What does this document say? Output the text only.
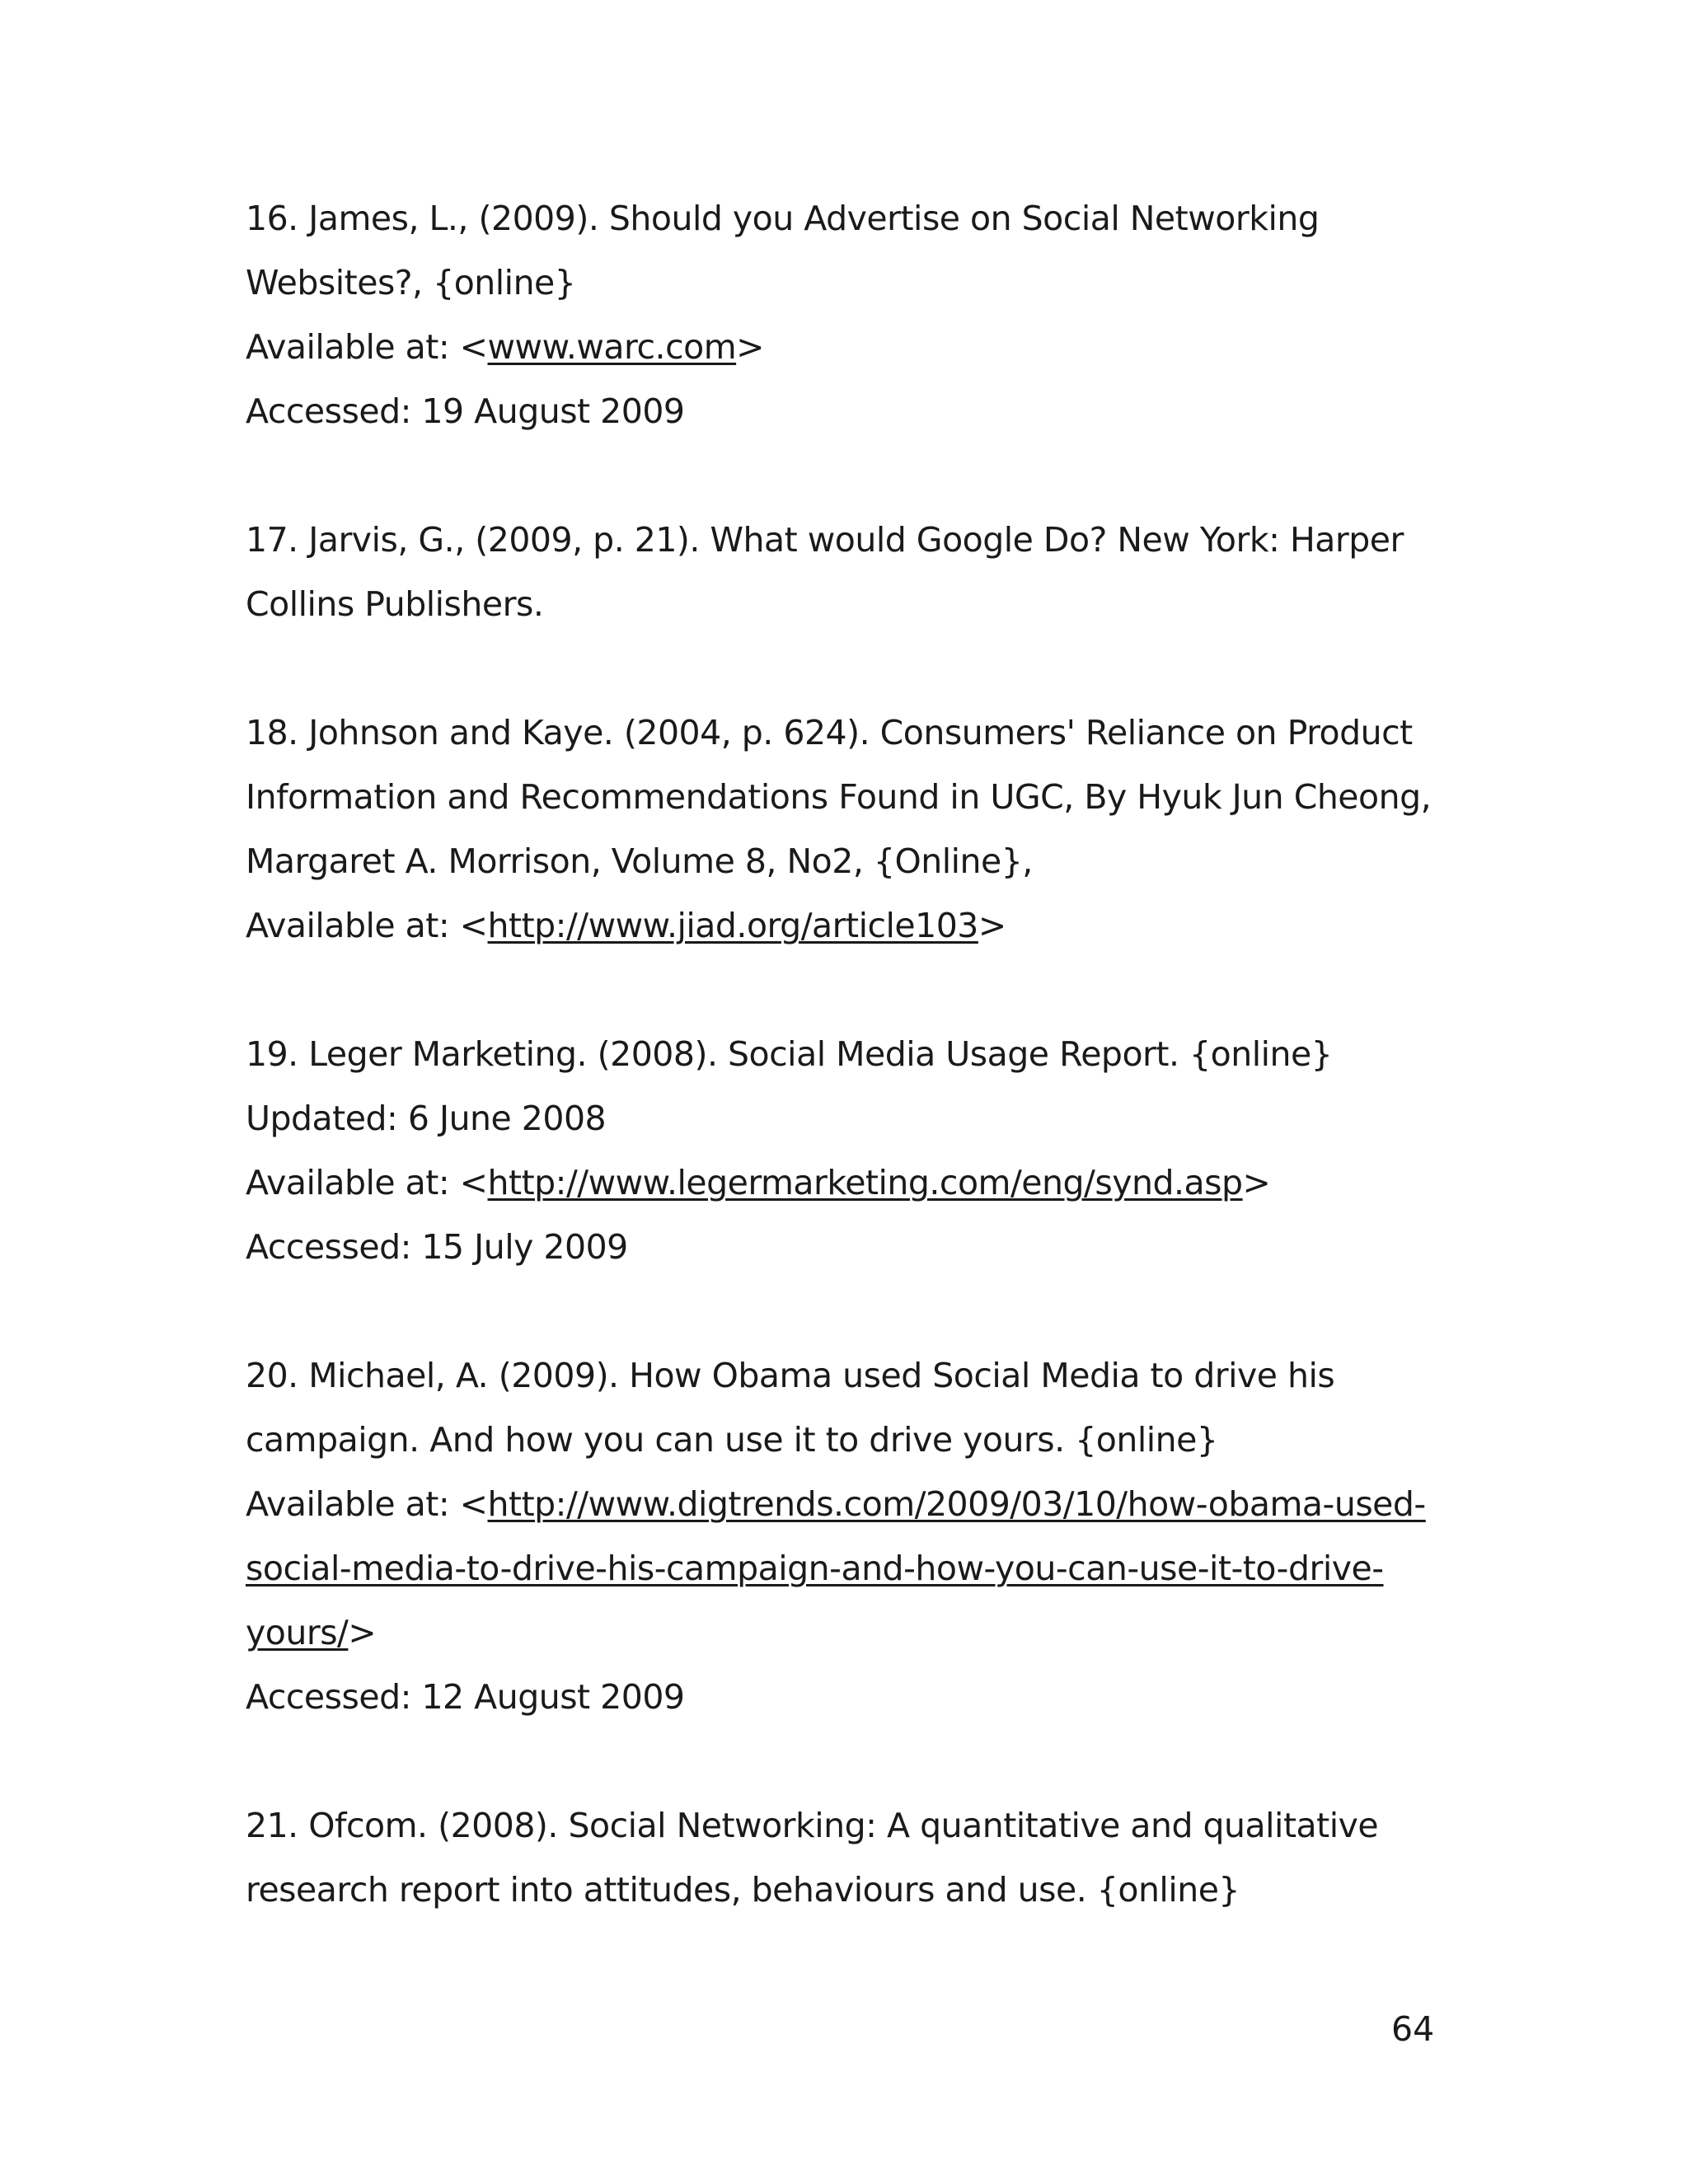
16. James, L., (2009). Should you Advertise on Social Networking
Websites?, {online}
Available at: <www.warc.com>
Accessed: 19 August 2009
17. Jarvis, G., (2009, p. 21). What would Google Do? New York: Harper
Collins Publishers.
18. Johnson and Kaye. (2004, p. 624). Consumers' Reliance on Product
Information and Recommendations Found in UGC, By Hyuk Jun Cheong,
Margaret A. Morrison, Volume 8, No2, {Online},
Available at: <http://www.jiad.org/article103>
19. Leger Marketing. (2008). Social Media Usage Report. {online}
Updated: 6 June 2008
Available at: <http://www.legermarketing.com/eng/synd.asp>
Accessed: 15 July 2009
20. Michael, A. (2009). How Obama used Social Media to drive his
campaign. And how you can use it to drive yours. {online}
Available at: <http://www.digtrends.com/2009/03/10/how-obama-used-
social-media-to-drive-his-campaign-and-how-you-can-use-it-to-drive-
yours/>
Accessed: 12 August 2009
21. Ofcom. (2008). Social Networking: A quantitative and qualitative
research report into attitudes, behaviours and use. {online}
64
